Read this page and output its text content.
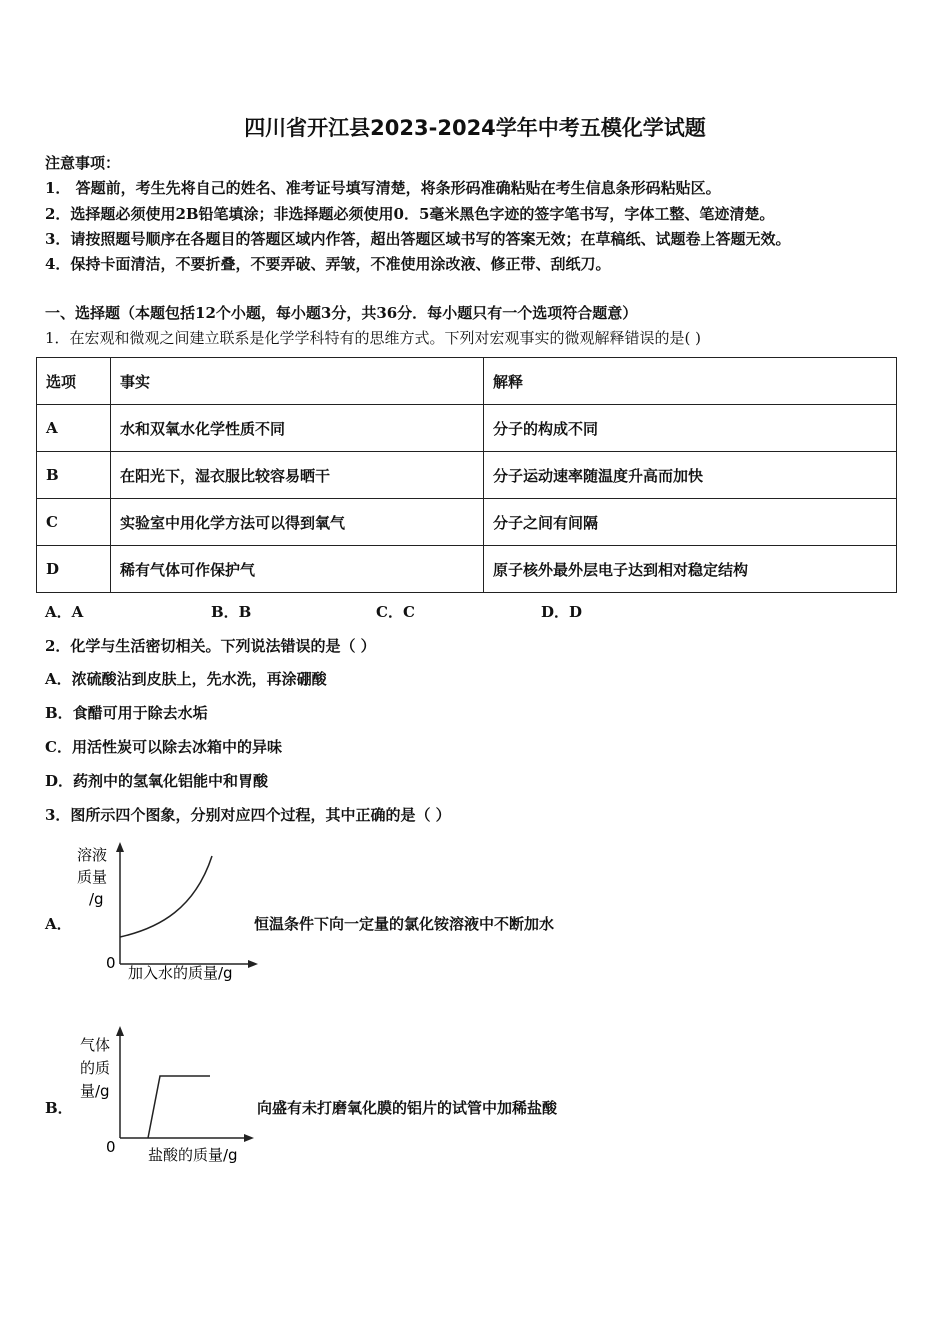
四川省开江县2023-2024学年中考五模化学试题
注意事项：
1． 答题前，考生先将自己的姓名、准考证号填写清楚，将条形码准确粘贴在考生信息条形码粘贴区。
2．选择题必须使用2B铅笔填涂；非选择题必须使用0．5毫米黑色字迹的签字笔书写，字体工整、笔迹清楚。
3．请按照题号顺序在各题目的答题区域内作答，超出答题区域书写的答案无效；在草稿纸、试题卷上答题无效。
4．保持卡面清洁，不要折叠，不要弄破、弄皱，不准使用涂改液、修正带、刮纸刀。
一、选择题（本题包括12个小题，每小题3分，共36分．每小题只有一个选项符合题意）
1．在宏观和微观之间建立联系是化学学科特有的思维方式。下列对宏观事实的微观解释错误的是( )
选项	事实	解释
A	水和双氧水化学性质不同	分子的构成不同
B	在阳光下，湿衣服比较容易晒干	分子运动速率随温度升高而加快
C	实验室中用化学方法可以得到氧气	分子之间有间隔
D	稀有气体可作保护气	原子核外最外层电子达到相对稳定结构
A．A	B．B	C．C	D．D
2．化学与生活密切相关。下列说法错误的是（ ）
A．浓硫酸沾到皮肤上，先水洗，再涂硼酸
B．食醋可用于除去水垢
C．用活性炭可以除去冰箱中的异味
D．药剂中的氢氧化铝能中和胃酸
3．图所示四个图象，分别对应四个过程，其中正确的是（ ）
A．
溶液
质量
/g
0
加入水的质量/g
恒温条件下向一定量的氯化铵溶液中不断加水
B．
气体
的质
量/g
0 盐酸的质量/g
向盛有未打磨氧化膜的铝片的试管中加稀盐酸
